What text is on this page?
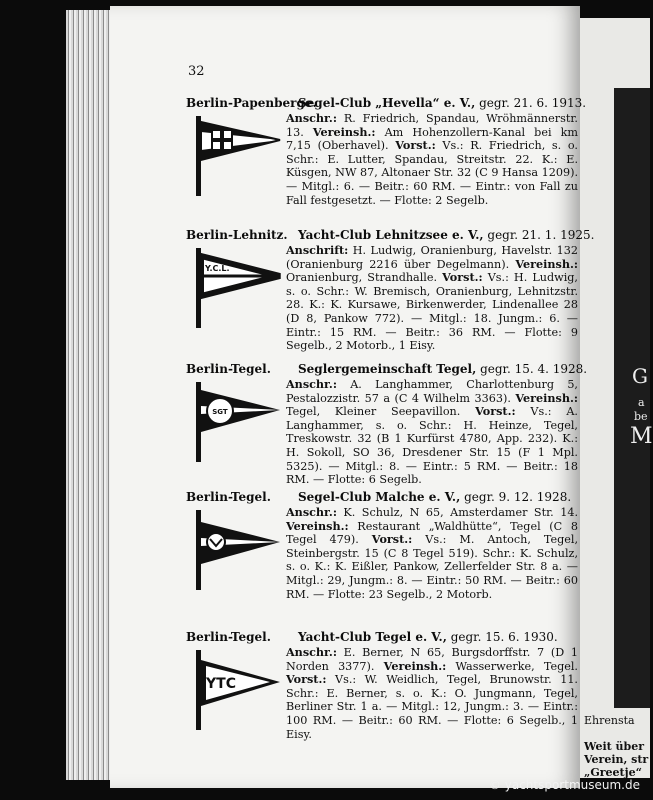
G
a
be
M
Ehrensta
Weit über
Verein, str
„Greetje“
32
Berlin-Papenberge.
Segel-Club „Hevella“ e. V., gegr. 21. 6. 1913.
Anschr.: R. Friedrich, Spandau, Wröhmännerstr. 13. Vereinsh.: Am Hohenzollern-Kanal bei km 7,15 (Oberhavel). Vorst.: Vs.: R. Friedrich, s. o. Schr.: E. Lutter, Spandau, Streitstr. 22. K.: E. Küsgen, NW 87, Altonaer Str. 32 (C 9 Hansa 1209). — Mitgl.: 6. — Beitr.: 60 RM. — Eintr.: von Fall zu Fall festgesetzt. — Flotte: 2 Segelb.
Berlin-Lehnitz. Yacht-Club Lehnitzsee e. V., gegr. 21. 1. 1925.
Y.C.L.
Anschrift: H. Ludwig, Oranienburg, Havelstr. 132 (Oranienburg 2216 über Degelmann). Vereinsh.: Oranienburg, Strandhalle. Vorst.: Vs.: H. Ludwig, s. o. Schr.: W. Bremisch, Oranienburg, Lehnitzstr. 28. K.: K. Kursawe, Birkenwerder, Lindenallee 28 (D 8, Pankow 772). — Mitgl.: 18. Jungm.: 6. — Eintr.: 15 RM. — Beitr.: 36 RM. — Flotte: 9 Segelb., 2 Motorb., 1 Eisy.
Berlin-Tegel. Seglergemeinschaft Tegel, gegr. 15. 4. 1928.
SGT
Anschr.: A. Langhammer, Charlottenburg 5, Pestalozzistr. 57 a (C 4 Wilhelm 3363). Vereinsh.: Tegel, Kleiner Seepavillon. Vorst.: Vs.: A. Langhammer, s. o. Schr.: H. Heinze, Tegel, Treskowstr. 32 (B 1 Kurfürst 4780, App. 232). K.: H. Sokoll, SO 36, Dresdener Str. 15 (F 1 Mpl. 5325). — Mitgl.: 8. — Eintr.: 5 RM. — Beitr.: 18 RM. — Flotte: 6 Segelb.
Berlin-Tegel. Segel-Club Malche e. V., gegr. 9. 12. 1928.
Anschr.: K. Schulz, N 65, Amsterdamer Str. 14. Vereinsh.: Restaurant „Waldhütte“, Tegel (C 8 Tegel 479). Vorst.: Vs.: M. Antoch, Tegel, Steinbergstr. 15 (C 8 Tegel 519). Schr.: K. Schulz, s. o. K.: K. Eißler, Pankow, Zellerfelder Str. 8 a. — Mitgl.: 29, Jungm.: 8. — Eintr.: 50 RM. — Beitr.: 60 RM. — Flotte: 23 Segelb., 2 Motorb.
Berlin-Tegel. Yacht-Club Tegel e. V., gegr. 15. 6. 1930.
YTC
Anschr.: E. Berner, N 65, Burgsdorffstr. 7 (D 1 Norden 3377). Vereinsh.: Wasserwerke, Tegel. Vorst.: Vs.: W. Weidlich, Tegel, Brunowstr. 11. Schr.: E. Berner, s. o. K.: O. Jungmann, Tegel, Berliner Str. 1 a. — Mitgl.: 12, Jungm.: 3. — Eintr.: 100 RM. — Beitr.: 60 RM. — Flotte: 6 Segelb., 1 Eisy.
© yachtsportmuseum.de
